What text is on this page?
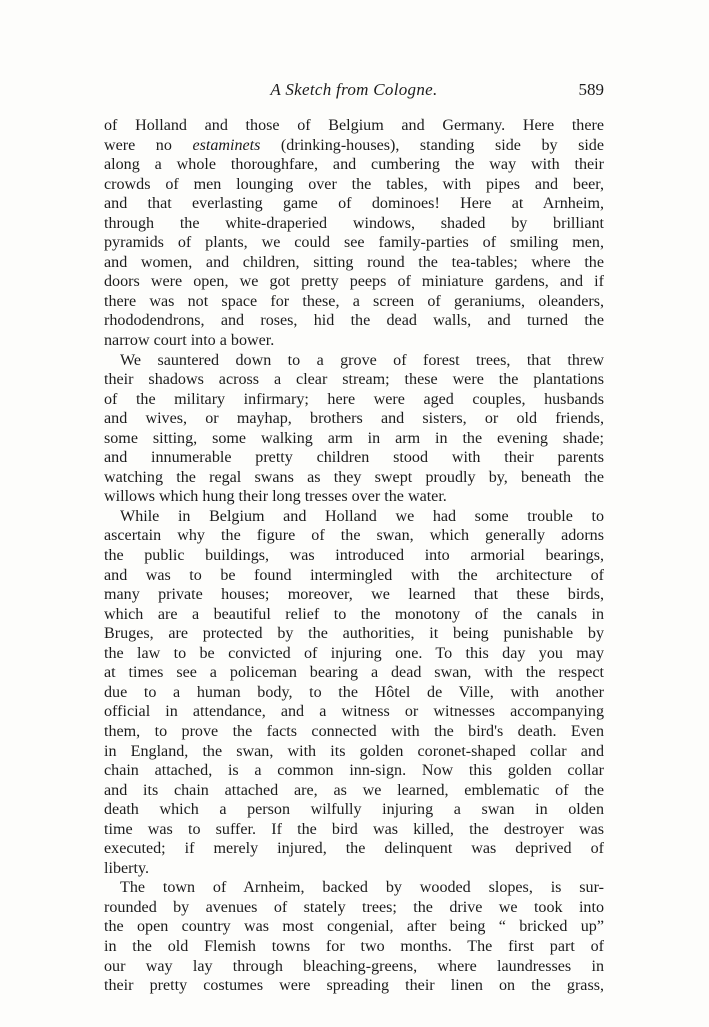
A Sketch from Cologne.	589

of Holland and those of Belgium and Germany. Here there
were no estaminets (drinking-houses), standing side by side
along a whole thoroughfare, and cumbering the way with their
crowds of men lounging over the tables, with pipes and beer,
and that everlasting game of dominoes! Here at Arnheim,
through the white-draperied windows, shaded by brilliant
pyramids of plants, we could see family-parties of smiling men,
and women, and children, sitting round the tea-tables; where the
doors were open, we got pretty peeps of miniature gardens, and if
there was not space for these, a screen of geraniums, oleanders,
rhododendrons, and roses, hid the dead walls, and turned the
narrow court into a bower.

We sauntered down to a grove of forest trees, that threw
their shadows across a clear stream; these were the plantations
of the military infirmary; here were aged couples, husbands
and wives, or mayhap, brothers and sisters, or old friends,
some sitting, some walking arm in arm in the evening shade;
and innumerable pretty children stood with their parents
watching the regal swans as they swept proudly by, beneath the
willows which hung their long tresses over the water.

While in Belgium and Holland we had some trouble to
ascertain why the figure of the swan, which generally adorns
the public buildings, was introduced into armorial bearings,
and was to be found intermingled with the architecture of
many private houses; moreover, we learned that these birds,
which are a beautiful relief to the monotony of the canals in
Bruges, are protected by the authorities, it being punishable by
the law to be convicted of injuring one. To this day you may
at times see a policeman bearing a dead swan, with the respect
due to a human body, to the Hôtel de Ville, with another
official in attendance, and a witness or witnesses accompanying
them, to prove the facts connected with the bird's death. Even
in England, the swan, with its golden coronet-shaped collar and
chain attached, is a common inn-sign. Now this golden collar
and its chain attached are, as we learned, emblematic of the
death which a person wilfully injuring a swan in olden
time was to suffer. If the bird was killed, the destroyer was
executed; if merely injured, the delinquent was deprived of
liberty.

The town of Arnheim, backed by wooded slopes, is sur-
rounded by avenues of stately trees; the drive we took into
the open country was most congenial, after being “ bricked up”
in the old Flemish towns for two months. The first part of
our way lay through bleaching-greens, where laundresses in
their pretty costumes were spreading their linen on the grass,
